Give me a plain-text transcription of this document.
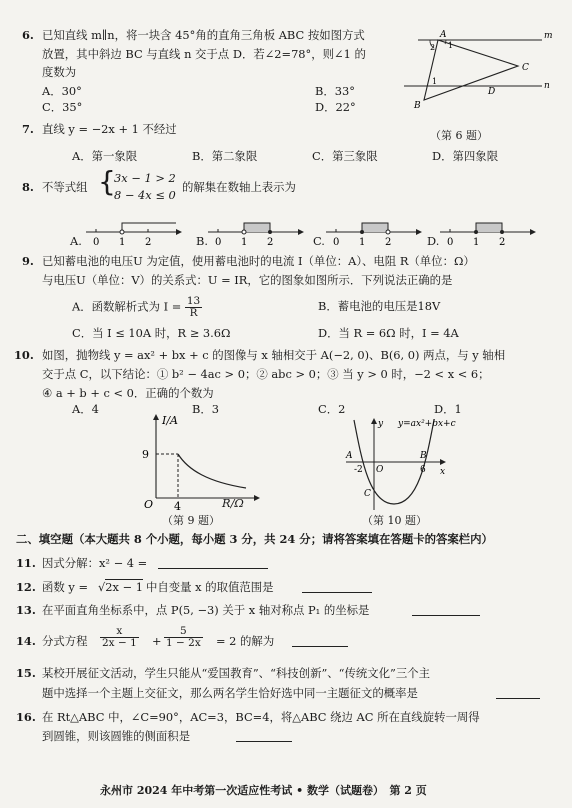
6. 已知直线 m∥n，将一块含 45°角的直角三角板 ABC 按如图方式
放置，其中斜边 BC 与直线 n 交于点 D．若∠2=78°，则∠1 的
度数为
A．30°	B．33°
C．35°	D．22°
A
B
C
D
m
n
2 1
1
（第 6 题）
7. 直线 y = −2x + 1 不经过
A．第一象限	B．第二象限	C．第三象限	D．第四象限
8. 不等式组 {
3x − 1 > 2
8 − 4x ≤ 0
的解集在数轴上表示为
A.	B.	C.	D.
0 1 2	0 1 2	0 1 2	0 1 2
9. 已知蓄电池的电压U 为定值，使用蓄电池时的电流 I（单位：A）、电阻 R（单位：Ω）
与电压U（单位：V）的关系式：U = IR，它的图象如图所示．下列说法正确的是
A．函数解析式为 $I = \frac{13}{R}$	B．蓄电池的电压是18V
C．当 I ≤ 10A 时，R ≥ 3.6Ω	D．当 R = 6Ω 时，I = 4A
10. 如图，抛物线 y = ax² + bx + c 的图像与 x 轴相交于 A(−2, 0)、B(6, 0) 两点，与 y 轴相
交于点 C，以下结论：① b² − 4ac > 0；② abc > 0；③ 当 y > 0 时，−2 < x < 6；
④ a + b + c < 0．正确的个数为
A．4	B．3	C．2	D．1
I/A
9
4
O	R/Ω
（第 9 题）
y=ax²+bx+c
y
x
A
-2 O
B
6
C
（第 10 题）
二、填空题（本大题共 8 个小题，每小题 3 分，共 24 分；请将答案填在答题卡的答案栏内）
11. 因式分解：x² − 4 =
12. 函数 y = √2x − 1 中自变量 x 的取值范围是
13. 在平面直角坐标系中，点 P(5, −3) 关于 x 轴对称点 P₁ 的坐标是
14. 分式方程 $\frac{x}{2x - 1} + \frac{5}{1 - 2x} = 2$ 的解为
15. 某校开展征文活动，学生只能从“爱国教育”、“科技创新”、“传统文化”三个主
题中选择一个主题上交征文，那么两名学生恰好选中同一主题征文的概率是
16. 在 Rt△ABC 中，∠C=90°，AC=3，BC=4，将△ABC 绕边 AC 所在直线旋转一周得
到圆锥，则该圆锥的侧面积是
永州市 2024 年中考第一次适应性考试 • 数学（试题卷）　第 2 页
